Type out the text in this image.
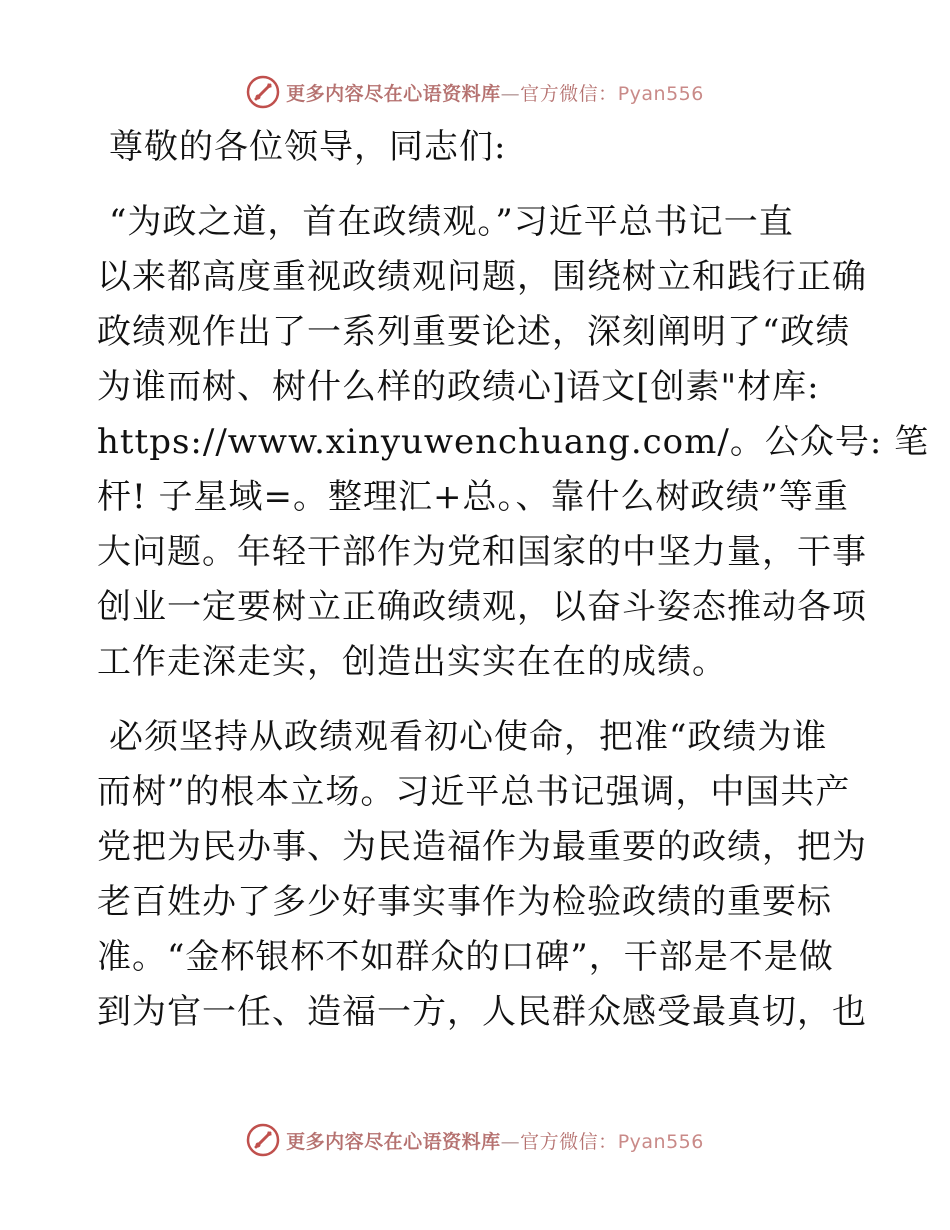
更多内容尽在心语资料库—官方微信：Pyan556
尊敬的各位领导，同志们:
“为政之道，首在政绩观。”习近平总书记一直
以来都高度重视政绩观问题，围绕树立和践行正确
政绩观作出了一系列重要论述，深刻阐明了“政绩
为谁而树、树什么样的政绩心]语文[创素"材库:
https://www.xinyuwenchuang.com/。公众号: 笔
杆! 子星域=。整理汇+总。、靠什么树政绩”等重
大问题。年轻干部作为党和国家的中坚力量，干事
创业一定要树立正确政绩观，以奋斗姿态推动各项
工作走深走实，创造出实实在在的成绩。
必须坚持从政绩观看初心使命，把准“政绩为谁
而树”的根本立场。习近平总书记强调，中国共产
党把为民办事、为民造福作为最重要的政绩，把为
老百姓办了多少好事实事作为检验政绩的重要标
准。“金杯银杯不如群众的口碑”，干部是不是做
到为官一任、造福一方，人民群众感受最真切，也
更多内容尽在心语资料库—官方微信：Pyan556
